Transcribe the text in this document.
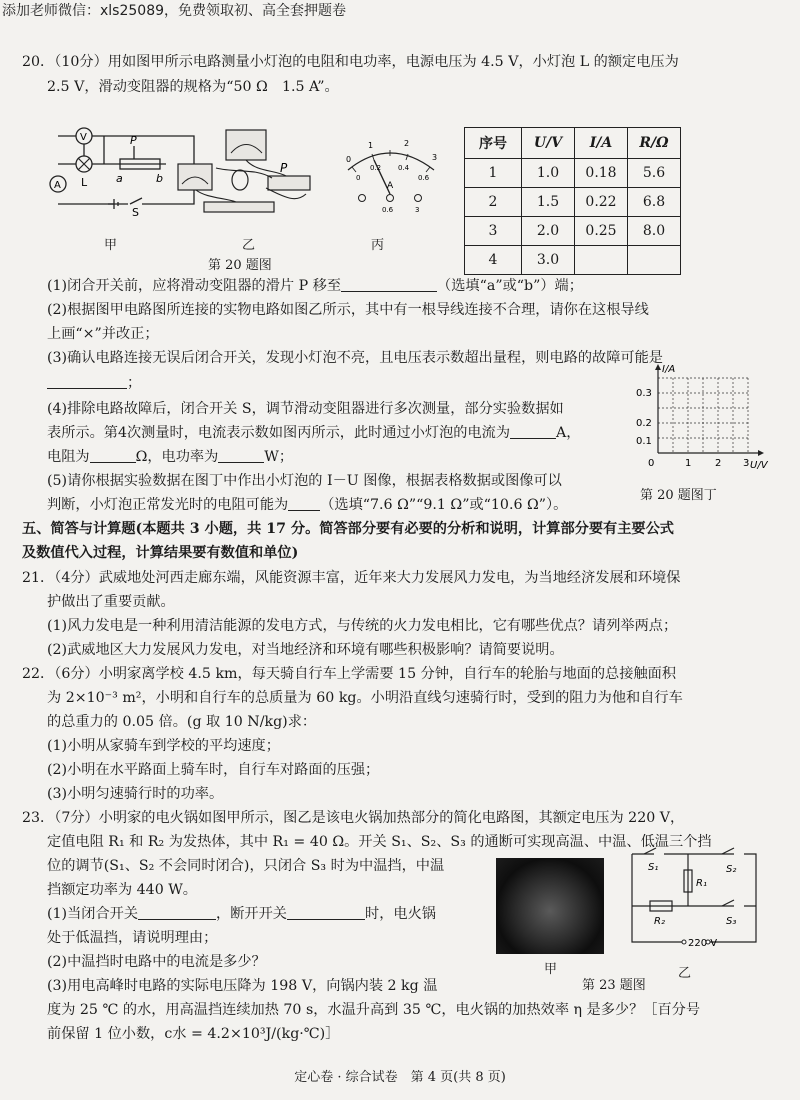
添加老师微信：xls25089，免费领取初、高全套押题卷
20．（10分）用如图甲所示电路测量小灯泡的电阻和电功率，电源电压为 4.5 V，小灯泡 L 的额定电压为
2.5 V，滑动变阻器的规格为“50 Ω　1.5 A”。
V
A L
P
a	b
S
甲
P
乙
第 20 题图
0
1	2
3
0
0.2 0.4
0.6
A
0.6	3
丙
序号	U/V	I/A	R/Ω
1	1.0	0.18	5.6
2	1.5	0.22	6.8
3	2.0	0.25	8.0
4	3.0		
(1)闭合开关前，应将滑动变阻器的滑片 P 移至	（选填“a”或“b”）端；
(2)根据图甲电路图所连接的实物电路如图乙所示，其中有一根导线连接不合理，请你在这根导线
上画“×”并改正；
(3)确认电路连接无误后闭合开关，发现小灯泡不亮，且电压表示数超出量程，则电路的故障可能是
；
(4)排除电路故障后，闭合开关 S，调节滑动变阻器进行多次测量，部分实验数据如
表所示。第4次测量时，电流表示数如图丙所示，此时通过小灯泡的电流为	A，
电阻为	Ω，电功率为	W；
(5)请你根据实验数据在图丁中作出小灯泡的 I－U 图像，根据表格数据或图像可以
判断，小灯泡正常发光时的电阻可能为 （选填“7.6 Ω”“9.1 Ω”或“10.6 Ω”）。
I/A
U/V
0.3
0.2
0.1
0	1 2 3
第 20 题图丁
五、简答与计算题(本题共 3 小题，共 17 分。简答部分要有必要的分析和说明，计算部分要有主要公式
及数值代入过程，计算结果要有数值和单位)
21．（4分）武威地处河西走廊东端，风能资源丰富，近年来大力发展风力发电，为当地经济发展和环境保
护做出了重要贡献。
(1)风力发电是一种利用清洁能源的发电方式，与传统的火力发电相比，它有哪些优点？请列举两点；
(2)武威地区大力发展风力发电，对当地经济和环境有哪些积极影响？请简要说明。
22．（6分）小明家离学校 4.5 km，每天骑自行车上学需要 15 分钟，自行车的轮胎与地面的总接触面积
为 2×10⁻³ m²，小明和自行车的总质量为 60 kg。小明沿直线匀速骑行时，受到的阻力为他和自行车
的总重力的 0.05 倍。(g 取 10 N/kg)求：
(1)小明从家骑车到学校的平均速度；
(2)小明在水平路面上骑车时，自行车对路面的压强；
(3)小明匀速骑行时的功率。
23．（7分）小明家的电火锅如图甲所示，图乙是该电火锅加热部分的简化电路图，其额定电压为 220 V，
定值电阻 R₁ 和 R₂ 为发热体，其中 R₁ = 40 Ω。开关 S₁、S₂、S₃ 的通断可实现高温、中温、低温三个挡
位的调节(S₁、S₂ 不会同时闭合)，只闭合 S₃ 时为中温挡，中温
挡额定功率为 440 W。
(1)当闭合开关	，断开开关	时，电火锅
处于低温挡，请说明理由；
(2)中温挡时电路中的电流是多少？
(3)用电高峰时电路的实际电压降为 198 V，向锅内装 2 kg 温
度为 25 ℃ 的水，用高温挡连续加热 70 s，水温升高到 35 ℃，电火锅的加热效率 η 是多少？［百分号
前保留 1 位小数，c水 = 4.2×10³J/(kg·℃)］
甲
S₁	S₂
S₃
R₁
R₂
220 V
乙
第 23 题图
定心卷 · 综合试卷　第 4 页(共 8 页)
